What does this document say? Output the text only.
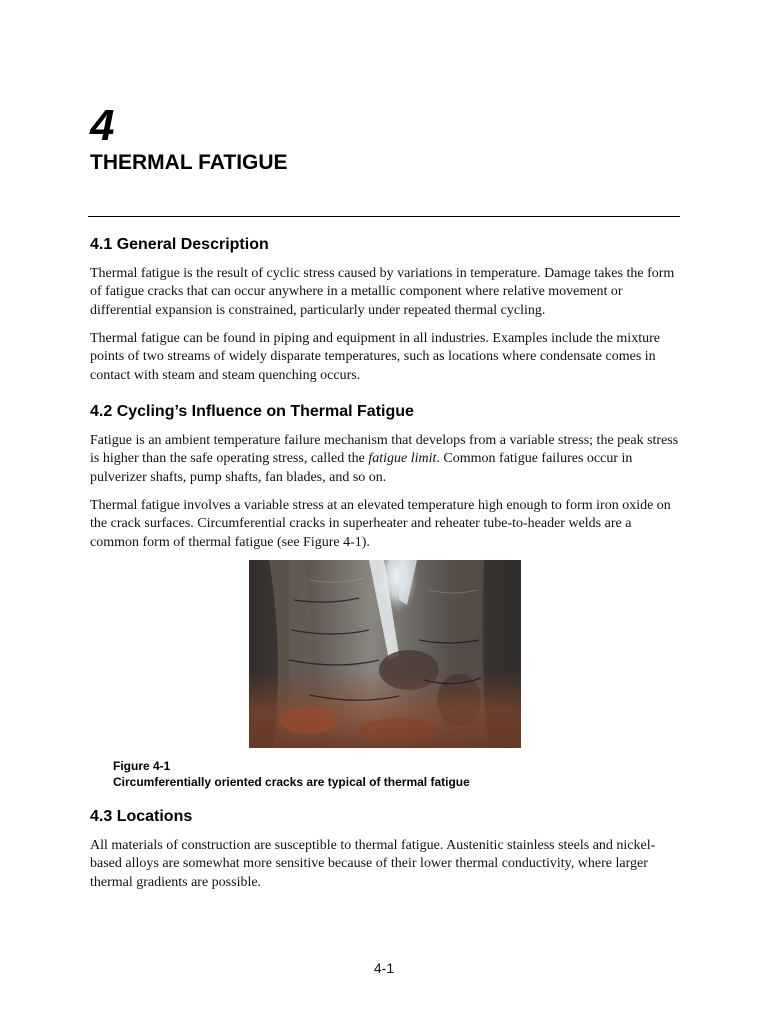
4
THERMAL FATIGUE
4.1 General Description
Thermal fatigue is the result of cyclic stress caused by variations in temperature. Damage takes the form of fatigue cracks that can occur anywhere in a metallic component where relative movement or differential expansion is constrained, particularly under repeated thermal cycling.
Thermal fatigue can be found in piping and equipment in all industries. Examples include the mixture points of two streams of widely disparate temperatures, such as locations where condensate comes in contact with steam and steam quenching occurs.
4.2 Cycling’s Influence on Thermal Fatigue
Fatigue is an ambient temperature failure mechanism that develops from a variable stress; the peak stress is higher than the safe operating stress, called the fatigue limit. Common fatigue failures occur in pulverizer shafts, pump shafts, fan blades, and so on.
Thermal fatigue involves a variable stress at an elevated temperature high enough to form iron oxide on the crack surfaces. Circumferential cracks in superheater and reheater tube-to-header welds are a common form of thermal fatigue (see Figure 4-1).
Figure 4-1
Circumferentially oriented cracks are typical of thermal fatigue
4.3 Locations
All materials of construction are susceptible to thermal fatigue. Austenitic stainless steels and nickel-based alloys are somewhat more sensitive because of their lower thermal conductivity, where larger thermal gradients are possible.
4-1
